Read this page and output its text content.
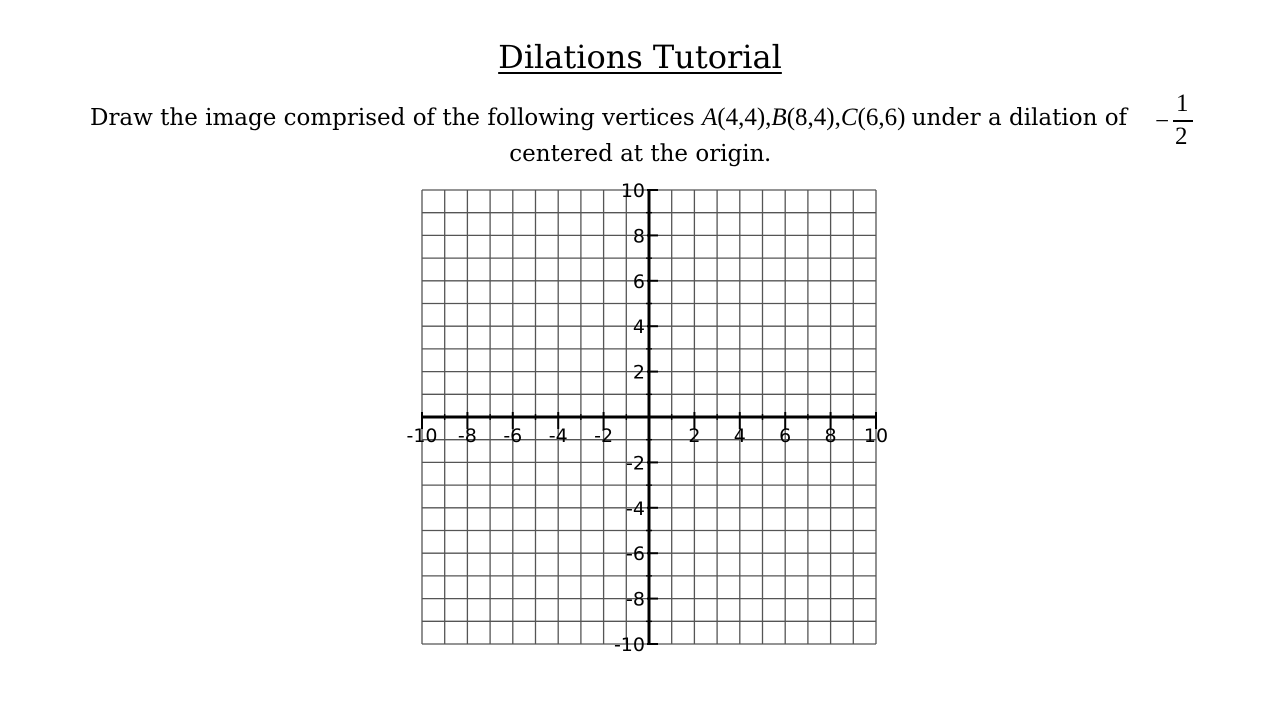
Dilations Tutorial
Draw the image comprised of the following vertices A(4,4),B(8,4),C(6,6) under a dilation of −
1
2
centered at the origin.
-10 -8 -6 -4 -2	2 4 6 8 10
10
8
6
4
2
-2
-4
-6
-8
-10
